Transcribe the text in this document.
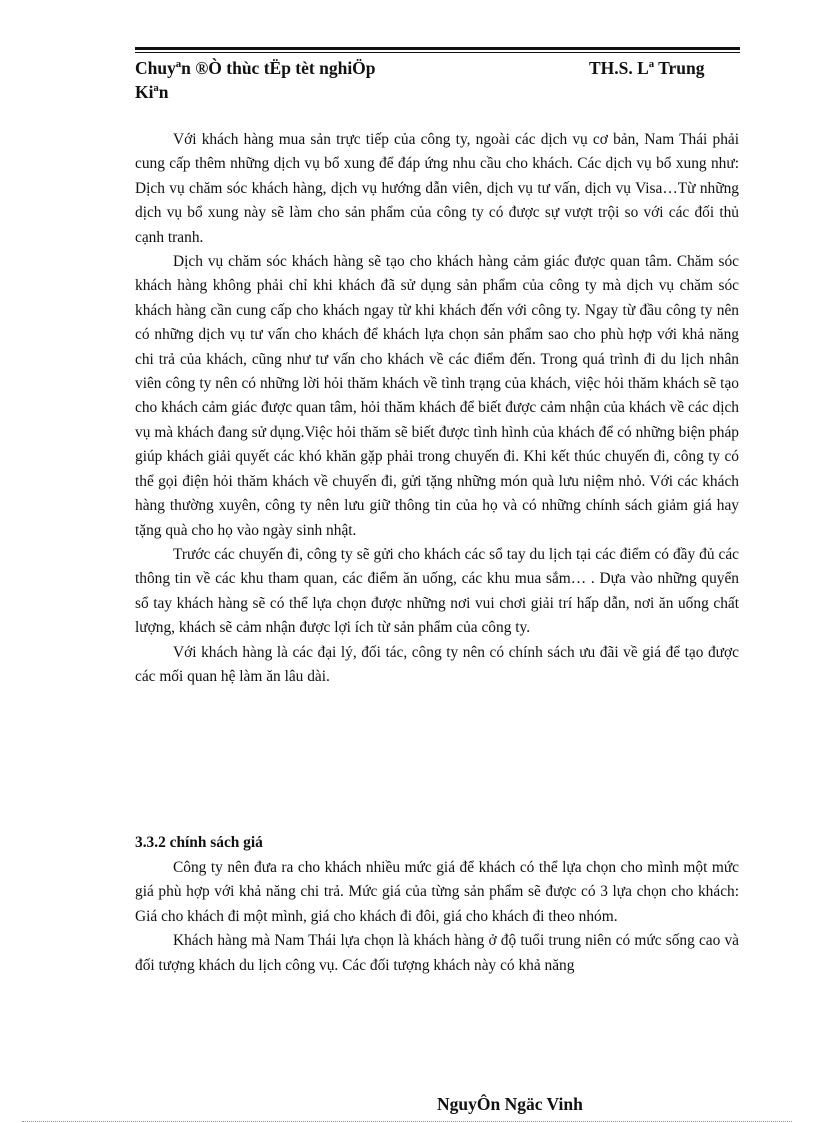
Chuyªn ®Ò thùc tËp tèt nghiÖp	TH.S. Lª Trung
Kiªn

Với khách hàng mua sản trực tiếp của công ty, ngoài các dịch vụ cơ bản, Nam Thái phải cung cấp thêm những dịch vụ bổ xung để đáp ứng nhu cầu cho khách. Các dịch vụ bổ xung như: Dịch vụ chăm sóc khách hàng, dịch vụ hướng dẫn viên, dịch vụ tư vấn, dịch vụ Visa…Từ những dịch vụ bổ xung này sẽ làm cho sản phẩm của công ty có được sự vượt trội so với các đối thủ cạnh tranh.

Dịch vụ chăm sóc khách hàng sẽ tạo cho khách hàng cảm giác được quan tâm. Chăm sóc khách hàng không phải chỉ khi khách đã sử dụng sản phẩm của công ty mà dịch vụ chăm sóc khách hàng cần cung cấp cho khách ngay từ khi khách đến với công ty. Ngay từ đầu công ty nên có những dịch vụ tư vấn cho khách để khách lựa chọn sản phẩm sao cho phù hợp với khả năng chi trả của khách, cũng như tư vấn cho khách về các điểm đến. Trong quá trình đi du lịch nhân viên công ty nên có những lời hỏi thăm khách về tình trạng của khách, việc hỏi thăm khách sẽ tạo cho khách cảm giác được quan tâm, hỏi thăm khách để biết được cảm nhận của khách về các dịch vụ mà khách đang sử dụng.Việc hỏi thăm sẽ biết được tình hình của khách để có những biện pháp giúp khách giải quyết các khó khăn gặp phải trong chuyến đi. Khi kết thúc chuyến đi, công ty có thể gọi điện hỏi thăm khách về chuyến đi, gửi tặng những món quà lưu niệm nhỏ. Với các khách hàng thường xuyên, công ty nên lưu giữ thông tin của họ và có những chính sách giảm giá hay tặng quà cho họ vào ngày sinh nhật.

Trước các chuyến đi, công ty sẽ gửi cho khách các sổ tay du lịch tại các điểm có đầy đủ các thông tin về các khu tham quan, các điểm ăn uống, các khu mua sắm… . Dựa vào những quyển sổ tay khách hàng sẽ có thể lựa chọn được những nơi vui chơi giải trí hấp dẫn, nơi ăn uống chất lượng, khách sẽ cảm nhận được lợi ích từ sản phẩm của công ty.

Với khách hàng là các đại lý, đối tác, công ty nên có chính sách ưu đãi về giá để tạo được các mối quan hệ làm ăn lâu dài.

3.3.2 chính sách giá

Công ty nên đưa ra cho khách nhiều mức giá để khách có thể lựa chọn cho mình một mức giá phù hợp với khả năng chi trả. Mức giá của từng sản phẩm sẽ được có 3 lựa chọn cho khách: Giá cho khách đi một mình, giá cho khách đi đôi, giá cho khách đi theo nhóm.

Khách hàng mà Nam Thái lựa chọn là khách hàng ở độ tuổi trung niên có mức sống cao và đối tượng khách du lịch công vụ. Các đối tượng khách này có khả năng

NguyÔn Ngäc Vinh
